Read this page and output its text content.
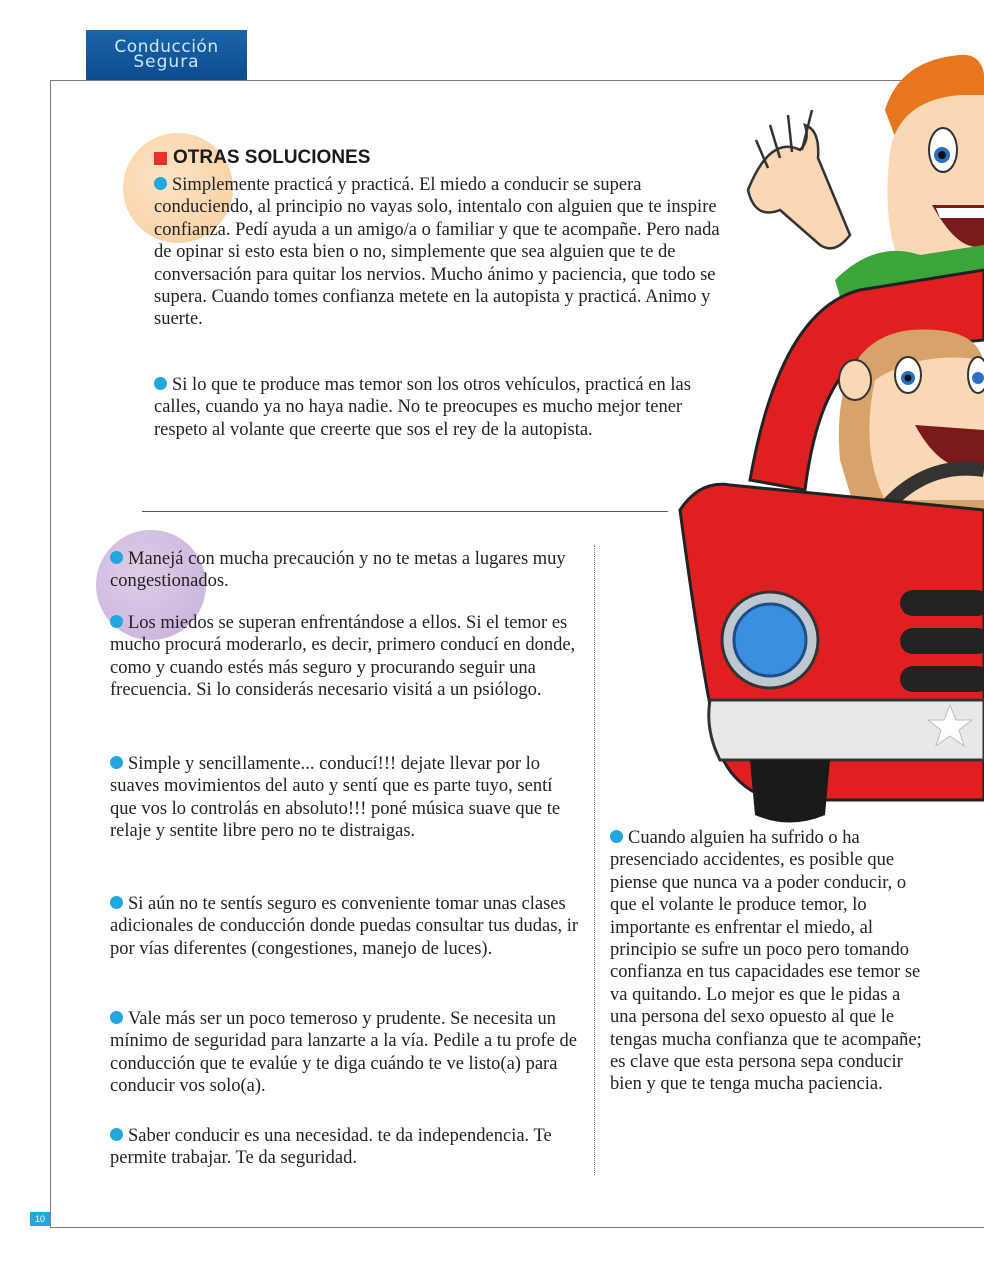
Conducción
Segura
10
OTRAS SOLUCIONES

Simplemente practicá y practicá. El miedo a conducir se supera conduciendo, al principio no vayas solo, intentalo con alguien que te inspire confianza. Pedí ayuda a un amigo/a o familiar y que te acompañe. Pero nada de opinar si esto esta bien o no, simplemente que sea alguien que te de conversación para quitar los nervios. Mucho ánimo y paciencia, que todo se supera. Cuando tomes confianza metete en la autopista y practicá. Animo y suerte.

Si lo que te produce mas temor son los otros vehículos, practicá en las calles, cuando ya no haya nadie. No te preocupes es mucho mejor tener respeto al volante que creerte que sos el rey de la autopista.

Manejá con mucha precaución y no te metas a lugares muy congestionados.

Los miedos se superan enfrentándose a ellos. Si el temor es mucho procurá moderarlo, es decir, primero conducí en donde, como y cuando estés más seguro y procurando seguir una frecuencia. Si lo considerás necesario visitá a un psiólogo.

Simple y sencillamente... conducí!!! dejate llevar por lo suaves movimientos del auto y sentí que es parte tuyo, sentí que vos lo controlás en absoluto!!! poné música suave que te relaje y sentite libre pero no te distraigas.

Si aún no te sentís seguro es conveniente tomar unas clases adicionales de conducción donde puedas consultar tus dudas, ir por vías diferentes (congestiones, manejo de luces).

Vale más ser un poco temeroso y prudente. Se necesita un mínimo de seguridad para lanzarte a la vía. Pedile a tu profe de conducción que te evalúe y te diga cuándo te ve listo(a) para conducir vos solo(a).

Saber conducir es una necesidad. te da independencia. Te permite trabajar. Te da seguridad.

Cuando alguien ha sufrido o ha presenciado accidentes, es posible que piense que nunca va a poder conducir, o que el volante le produce temor, lo importante es enfrentar el miedo, al principio se sufre un poco pero tomando confianza en tus capacidades ese temor se va quitando. Lo mejor es que le pidas a una persona del sexo opuesto al que le tengas mucha confianza que te acompañe; es clave que esta persona sepa conducir bien y que te tenga mucha paciencia.
